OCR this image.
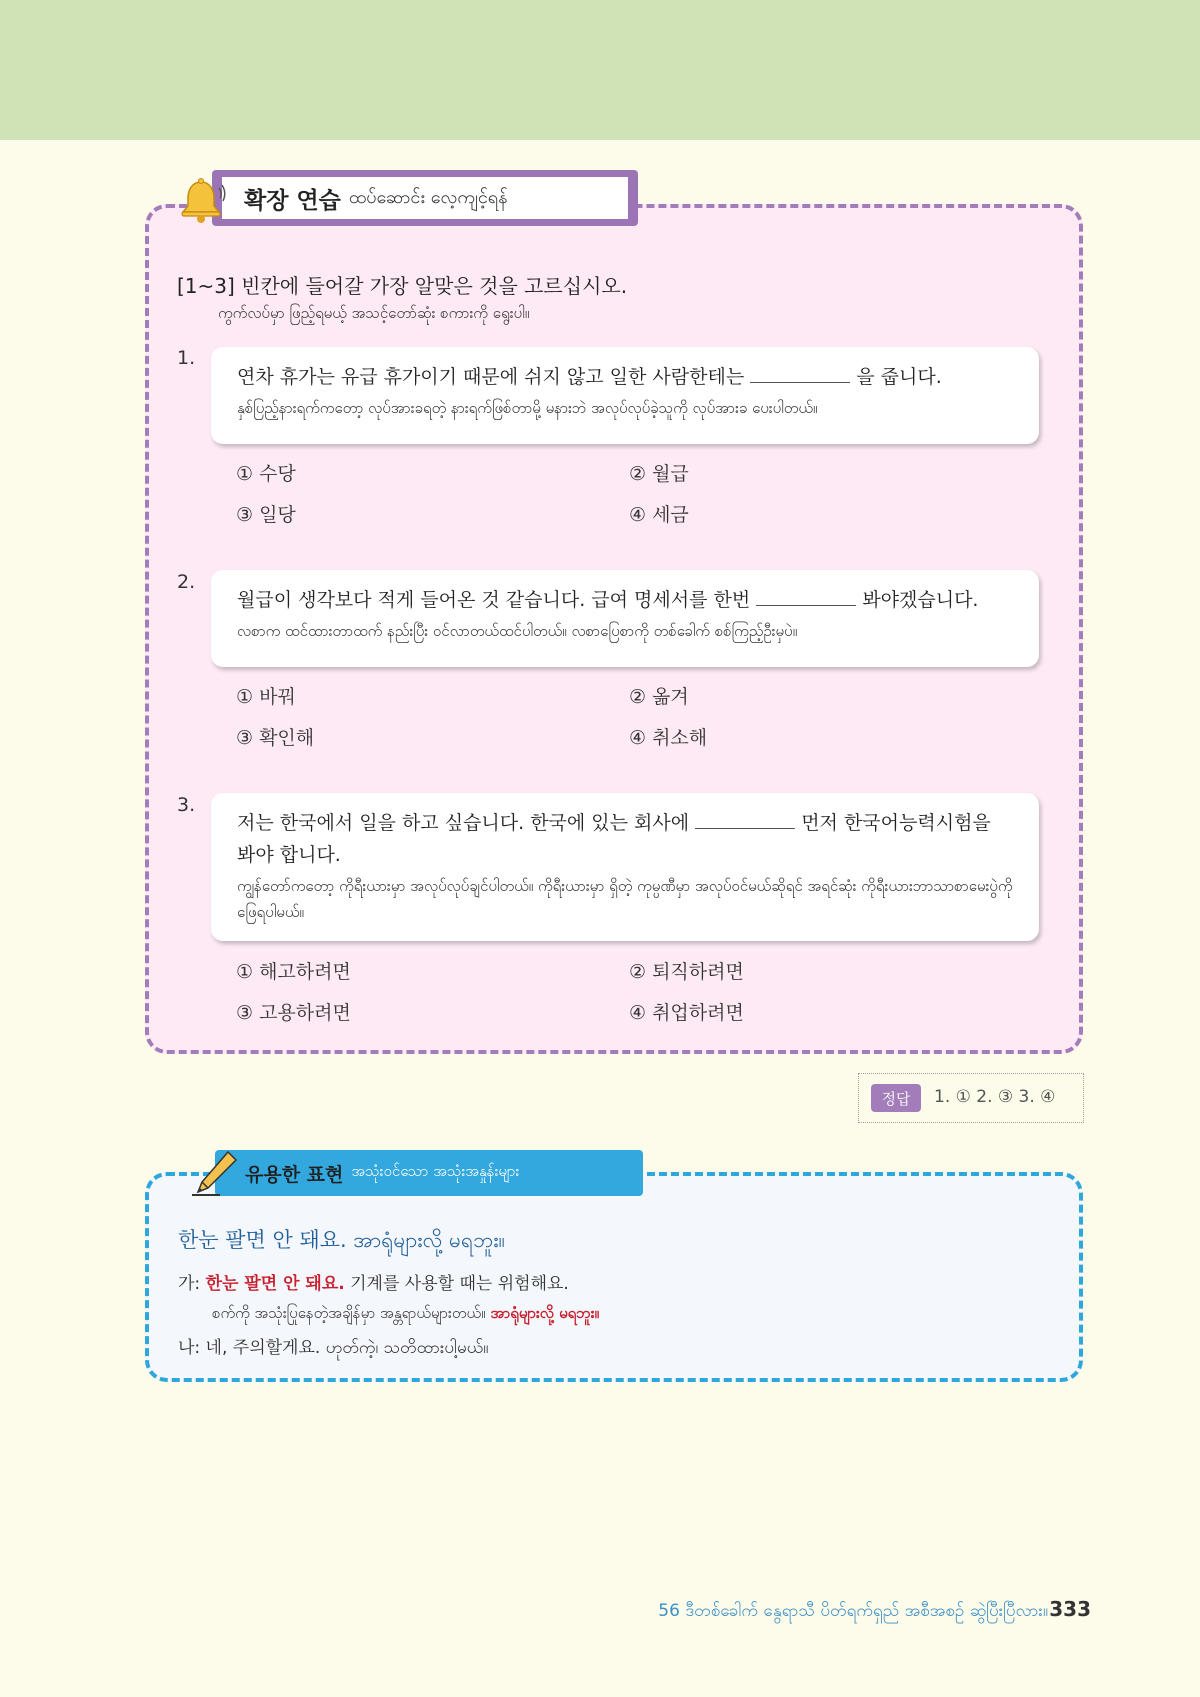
확장 연습 ထပ်ဆောင်း လေ့ကျင့်ရန်
[1~3] 빈칸에 들어갈 가장 알맞은 것을 고르십시오.
ကွက်လပ်မှာ ဖြည့်ရမယ့် အသင့်တော်ဆုံး စကားကို ရွေးပါ။
1.
연차 휴가는 유급 휴가이기 때문에 쉬지 않고 일한 사람한테는	을 줍니다.
နှစ်ပြည့်နားရက်ကတော့ လုပ်အားခရတဲ့ နားရက်ဖြစ်တာမို့ မနားဘဲ အလုပ်လုပ်ခဲ့သူကို လုပ်အားခ ပေးပါတယ်။
① 수당	② 월급
③ 일당	④ 세금
2.
월급이 생각보다 적게 들어온 것 같습니다. 급여 명세서를 한번	봐야겠습니다.
လစာက ထင်ထားတာထက် နည်းပြီး ဝင်လာတယ်ထင်ပါတယ်။ လစာပြေစာကို တစ်ခေါက် စစ်ကြည့်ဦးမှပဲ။
① 바꿔	② 옮겨
③ 확인해	④ 취소해
3.
저는 한국에서 일을 하고 싶습니다. 한국에 있는 회사에	먼저 한국어능력시험을 봐야 합니다.
ကျွန်တော်ကတော့ ကိုရီးယားမှာ အလုပ်လုပ်ချင်ပါတယ်။ ကိုရီးယားမှာ ရှိတဲ့ ကုမ္ပဏီမှာ အလုပ်ဝင်မယ်ဆိုရင် အရင်ဆုံး ကိုရီးယားဘာသာစာမေးပွဲကို ဖြေရပါမယ်။
① 해고하려면	② 퇴직하려면
③ 고용하려면	④ 취업하려면
정답	1. ① 2. ③ 3. ④
유용한 표현 အသုံးဝင်သော အသုံးအနှုန်းများ
한눈 팔면 안 돼요. အာရုံများလို့ မရဘူး။
가: 한눈 팔면 안 돼요. 기계를 사용할 때는 위험해요.
စက်ကို အသုံးပြုနေတဲ့အချိန်မှာ အန္တရာယ်များတယ်။ အာရုံများလို့ မရဘူး။
나: 네, 주의할게요. ဟုတ်ကဲ့၊ သတိထားပါ့မယ်။
56 ဒီတစ်ခေါက် နွေရာသီ ပိတ်ရက်ရှည် အစီအစဉ် ဆွဲပြီးပြီလား။ 333
